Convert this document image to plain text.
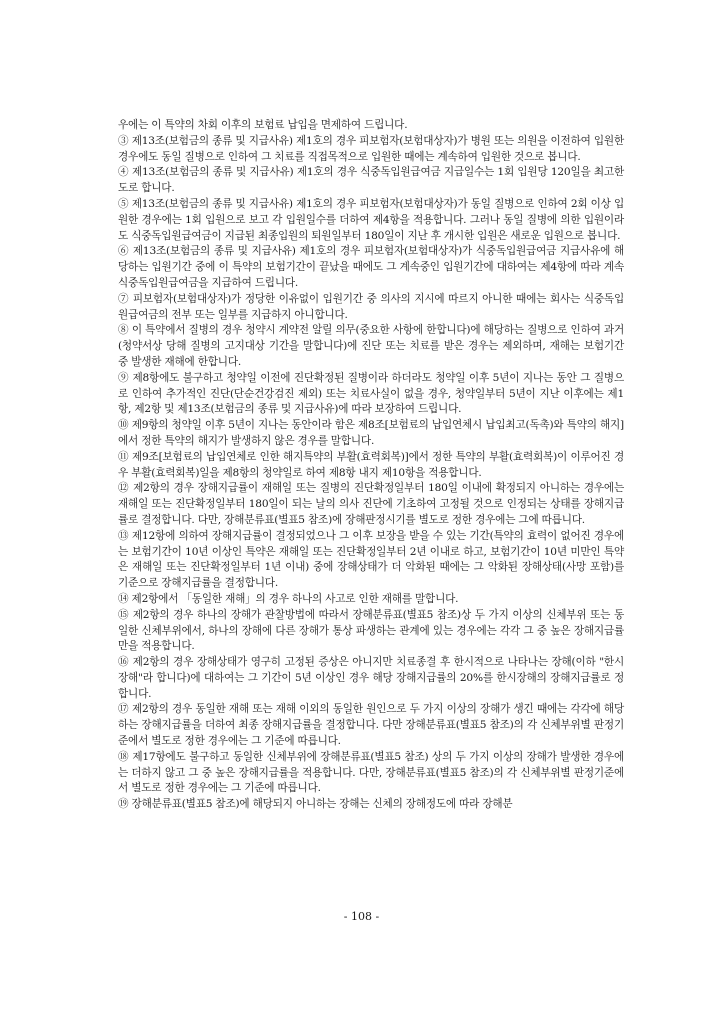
우에는 이 특약의 차회 이후의 보험료 납입을 면제하여 드립니다.

③ 제13조(보험금의 종류 및 지급사유) 제1호의 경우 피보험자(보험대상자)가 병원 또는 의원을 이전하여 입원한 경우에도 동일 질병으로 인하여 그 치료를 직접목적으로 입원한 때에는 계속하여 입원한 것으로 봅니다.

④ 제13조(보험금의 종류 및 지급사유) 제1호의 경우 식중독입원급여금 지급일수는 1회 입원당 120일을 최고한도로 합니다.

⑤ 제13조(보험금의 종류 및 지급사유) 제1호의 경우 피보험자(보험대상자)가 동일 질병으로 인하여 2회 이상 입원한 경우에는 1회 입원으로 보고 각 입원일수를 더하여 제4항을 적용합니다. 그러나 동일 질병에 의한 입원이라도 식중독입원급여금이 지급된 최종입원의 퇴원일부터 180일이 지난 후 개시한 입원은 새로운 입원으로 봅니다.

⑥ 제13조(보험금의 종류 및 지급사유) 제1호의 경우 피보험자(보험대상자)가 식중독입원급여금 지급사유에 해당하는 입원기간 중에 이 특약의 보험기간이 끝났을 때에도 그 계속중인 입원기간에 대하여는 제4항에 따라 계속 식중독입원급여금을 지급하여 드립니다.

⑦ 피보험자(보험대상자)가 정당한 이유없이 입원기간 중 의사의 지시에 따르지 아니한 때에는 회사는 식중독입원급여금의 전부 또는 일부를 지급하지 아니합니다.

⑧ 이 특약에서 질병의 경우 청약시 계약전 알릴 의무(중요한 사항에 한합니다)에 해당하는 질병으로 인하여 과거(청약서상 당해 질병의 고지대상 기간을 말합니다)에 진단 또는 치료를 받은 경우는 제외하며, 재해는 보험기간 중 발생한 재해에 한합니다.

⑨ 제8항에도 불구하고 청약일 이전에 진단확정된 질병이라 하더라도 청약일 이후 5년이 지나는 동안 그 질병으로 인하여 추가적인 진단(단순건강검진 제외) 또는 치료사실이 없을 경우, 청약일부터 5년이 지난 이후에는 제1항, 제2항 및 제13조(보험금의 종류 및 지급사유)에 따라 보장하여 드립니다.

⑩ 제9항의 청약일 이후 5년이 지나는 동안이라 함은 제8조[보험료의 납입연체시 납입최고(독촉)와 특약의 해지]에서 정한 특약의 해지가 발생하지 않은 경우를 말합니다.

⑪ 제9조[보험료의 납입연체로 인한 해지특약의 부활(효력회복)]에서 정한 특약의 부활(효력회복)이 이루어진 경우 부활(효력회복)일을 제8항의 청약일로 하여 제8항 내지 제10항을 적용합니다.

⑫ 제2항의 경우 장해지급률이 재해일 또는 질병의 진단확정일부터 180일 이내에 확정되지 아니하는 경우에는 재해일 또는 진단확정일부터 180일이 되는 날의 의사 진단에 기초하여 고정될 것으로 인정되는 상태를 장해지급률로 결정합니다. 다만, 장해분류표(별표5 참조)에 장해판정시기를 별도로 정한 경우에는 그에 따릅니다.

⑬ 제12항에 의하여 장해지급률이 결정되었으나 그 이후 보장을 받을 수 있는 기간(특약의 효력이 없어진 경우에는 보험기간이 10년 이상인 특약은 재해일 또는 진단확정일부터 2년 이내로 하고, 보험기간이 10년 미만인 특약은 재해일 또는 진단확정일부터 1년 이내) 중에 장해상태가 더 악화된 때에는 그 악화된 장해상태(사망 포함)를 기준으로 장해지급률을 결정합니다.

⑭ 제2항에서 「동일한 재해」의 경우 하나의 사고로 인한 재해를 말합니다.

⑮ 제2항의 경우 하나의 장해가 관찰방법에 따라서 장해분류표(별표5 참조)상 두 가지 이상의 신체부위 또는 동일한 신체부위에서, 하나의 장해에 다른 장해가 통상 파생하는 관계에 있는 경우에는 각각 그 중 높은 장해지급률만을 적용합니다.

⑯ 제2항의 경우 장해상태가 영구히 고정된 증상은 아니지만 치료종결 후 한시적으로 나타나는 장해(이하 "한시장해"라 합니다)에 대하여는 그 기간이 5년 이상인 경우 해당 장해지급률의 20%를 한시장해의 장해지급률로 정합니다.

⑰ 제2항의 경우 동일한 재해 또는 재해 이외의 동일한 원인으로 두 가지 이상의 장해가 생긴 때에는 각각에 해당하는 장해지급률을 더하여 최종 장해지급률을 결정합니다. 다만 장해분류표(별표5 참조)의 각 신체부위별 판정기준에서 별도로 정한 경우에는 그 기준에 따릅니다.

⑱ 제17항에도 불구하고 동일한 신체부위에 장해분류표(별표5 참조) 상의 두 가지 이상의 장해가 발생한 경우에는 더하지 않고 그 중 높은 장해지급률을 적용합니다. 다만, 장해분류표(별표5 참조)의 각 신체부위별 판정기준에서 별도로 정한 경우에는 그 기준에 따릅니다.

⑲ 장해분류표(별표5 참조)에 해당되지 아니하는 장해는 신체의 장해정도에 따라 장해분

- 108 -
